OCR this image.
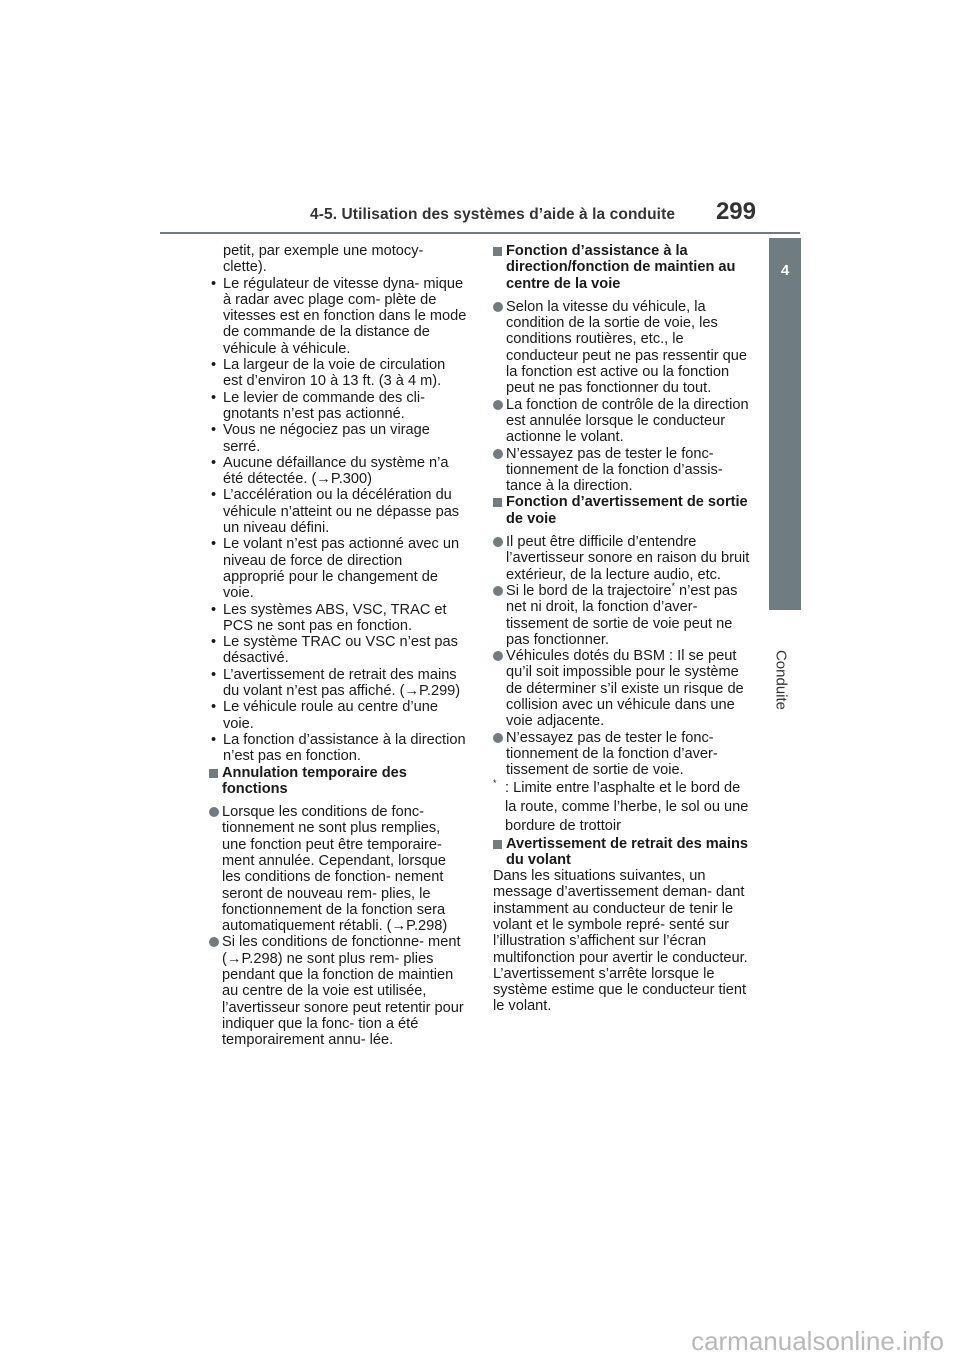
4-5. Utilisation des systèmes d’aide à la conduite 299
4
Conduite

petit, par exemple une motocy- clette).

• Le régulateur de vitesse dyna- mique à radar avec plage com- plète de vitesses est en fonction dans le mode de commande de la distance de véhicule à véhicule.

• La largeur de la voie de circulation est d’environ 10 à 13 ft. (3 à 4 m).

• Le levier de commande des cli- gnotants n’est pas actionné.

• Vous ne négociez pas un virage serré.

• Aucune défaillance du système n’a été détectée. (→P.300)

• L’accélération ou la décélération du véhicule n’atteint ou ne dépasse pas un niveau défini.

• Le volant n’est pas actionné avec un niveau de force de direction approprié pour le changement de voie.

• Les systèmes ABS, VSC, TRAC et PCS ne sont pas en fonction.

• Le système TRAC ou VSC n’est pas désactivé.

• L’avertissement de retrait des mains du volant n’est pas affiché. (→P.299)

• Le véhicule roule au centre d’une voie.

• La fonction d’assistance à la direction n’est pas en fonction.

Annulation temporaire des fonctions

Lorsque les conditions de fonc- tionnement ne sont plus remplies, une fonction peut être temporaire- ment annulée. Cependant, lorsque les conditions de fonction- nement seront de nouveau rem- plies, le fonctionnement de la fonction sera automatiquement rétabli. (→P.298)

Si les conditions de fonctionne- ment (→P.298) ne sont plus rem- plies pendant que la fonction de maintien au centre de la voie est utilisée, l’avertisseur sonore peut retentir pour indiquer que la fonc- tion a été temporairement annu- lée.

Fonction d’assistance à la direction/fonction de maintien au centre de la voie

Selon la vitesse du véhicule, la condition de la sortie de voie, les conditions routières, etc., le conducteur peut ne pas ressentir que la fonction est active ou la fonction peut ne pas fonctionner du tout.

La fonction de contrôle de la direction est annulée lorsque le conducteur actionne le volant.

N’essayez pas de tester le fonc- tionnement de la fonction d’assis- tance à la direction.

Fonction d’avertissement de sortie de voie

Il peut être difficile d’entendre l’avertisseur sonore en raison du bruit extérieur, de la lecture audio, etc.

Si le bord de la trajectoire* n’est pas net ni droit, la fonction d’aver- tissement de sortie de voie peut ne pas fonctionner.

Véhicules dotés du BSM : Il se peut qu’il soit impossible pour le système de déterminer s’il existe un risque de collision avec un véhicule dans une voie adjacente.

N’essayez pas de tester le fonc- tionnement de la fonction d’aver- tissement de sortie de voie.

* : Limite entre l’asphalte et le bord de la route, comme l’herbe, le sol ou une bordure de trottoir

Avertissement de retrait des mains du volant

Dans les situations suivantes, un message d’avertissement deman- dant instamment au conducteur de tenir le volant et le symbole repré- senté sur l’illustration s’affichent sur l’écran multifonction pour avertir le conducteur. L’avertissement s’arrête lorsque le système estime que le conducteur tient le volant.

carmanualsonline.info
